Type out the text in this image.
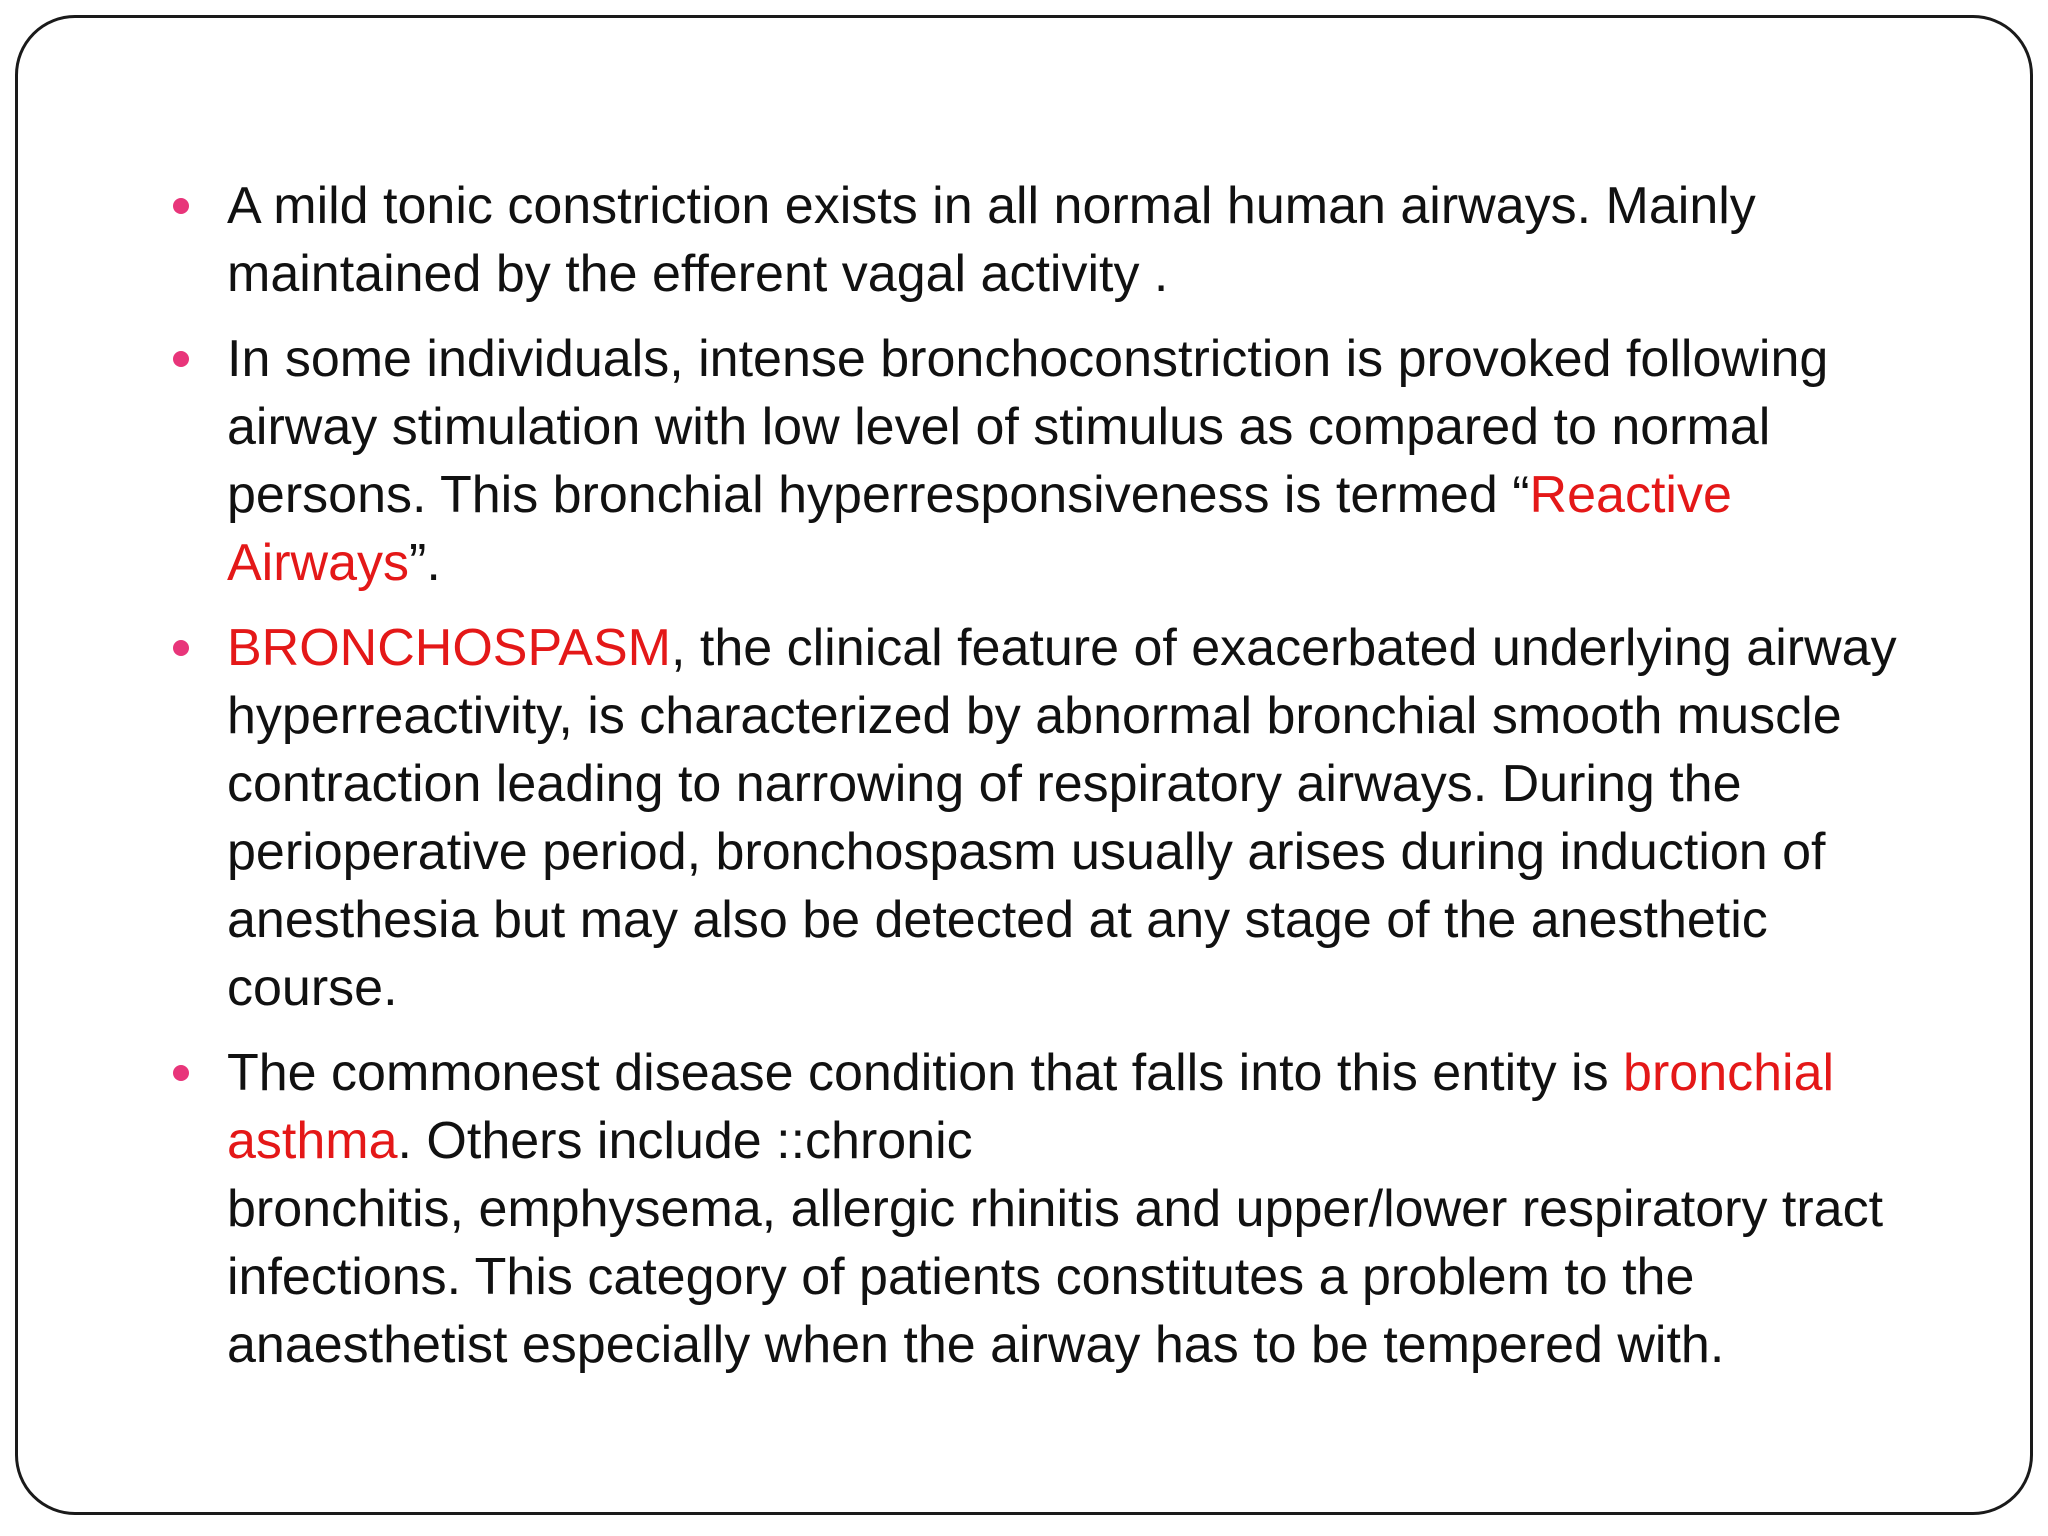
A mild tonic constriction exists in all normal human airways. Mainly maintained by the efferent vagal activity .
In some individuals, intense bronchoconstriction is provoked following airway stimulation with low level of stimulus as compared to normal persons. This bronchial hyperresponsiveness is termed “Reactive Airways”.
BRONCHOSPASM, the clinical feature of exacerbated underlying airway hyperreactivity, is characterized by abnormal bronchial smooth muscle contraction leading to narrowing of respiratory airways. During the perioperative period, bronchospasm usually arises during induction of anesthesia but may also be detected at any stage of the anesthetic course.
The commonest disease condition that falls into this entity is bronchial asthma. Others include ::chronic
bronchitis, emphysema, allergic rhinitis and upper/lower respiratory tract infections. This category of patients constitutes a problem to the anaesthetist especially when the airway has to be tempered with.
